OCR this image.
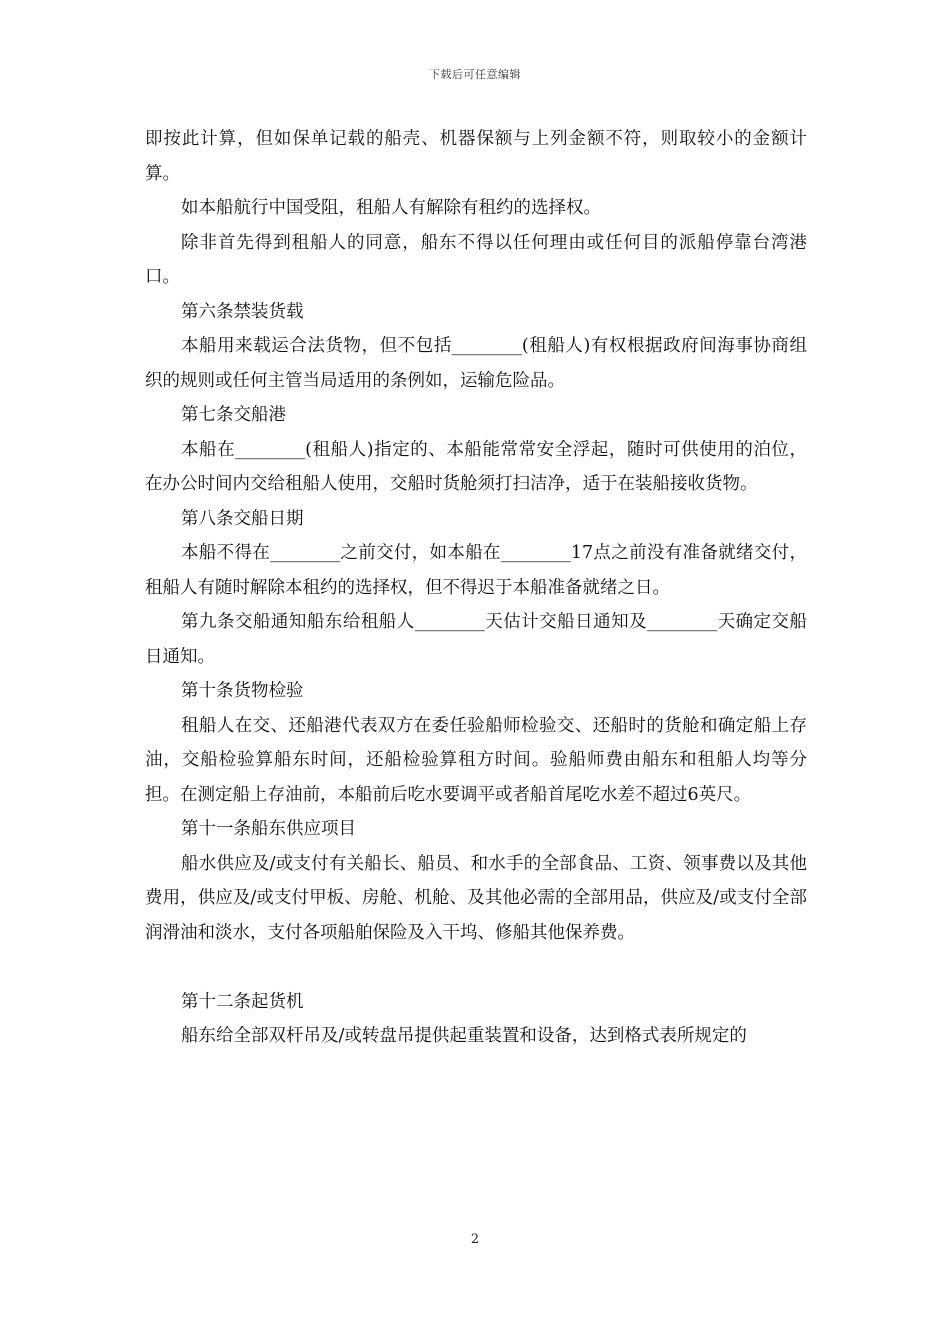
下载后可任意编辑

即按此计算，但如保单记载的船壳、机器保额与上列金额不符，则取较小的金额计算。

如本船航行中国受阻，租船人有解除有租约的选择权。

除非首先得到租船人的同意，船东不得以任何理由或任何目的派船停靠台湾港口。

第六条禁装货载

本船用来载运合法货物，但不包括________(租船人)有权根据政府间海事协商组织的规则或任何主管当局适用的条例如，运输危险品。

第七条交船港

本船在________(租船人)指定的、本船能常常安全浮起，随时可供使用的泊位，在办公时间内交给租船人使用，交船时货舱须打扫洁净，适于在装船接收货物。

第八条交船日期

本船不得在________之前交付，如本船在________17点之前没有准备就绪交付，租船人有随时解除本租约的选择权，但不得迟于本船准备就绪之日。

第九条交船通知船东给租船人________天估计交船日通知及________天确定交船日通知。

第十条货物检验

租船人在交、还船港代表双方在委任验船师检验交、还船时的货舱和确定船上存油，交船检验算船东时间，还船检验算租方时间。验船师费由船东和租船人均等分担。在测定船上存油前，本船前后吃水要调平或者船首尾吃水差不超过6英尺。

第十一条船东供应项目

船水供应及/或支付有关船长、船员、和水手的全部食品、工资、领事费以及其他费用，供应及/或支付甲板、房舱、机舱、及其他必需的全部用品，供应及/或支付全部润滑油和淡水，支付各项船舶保险及入干坞、修船其他保养费。

第十二条起货机

船东给全部双杆吊及/或转盘吊提供起重装置和设备，达到格式表所规定的

2
